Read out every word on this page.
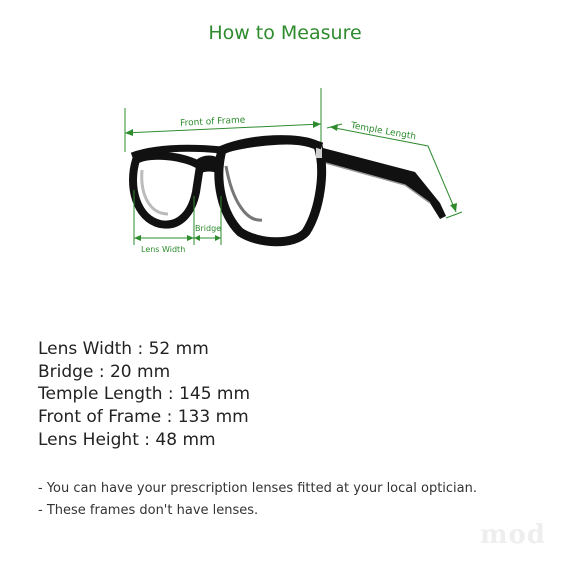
How to Measure
Front of Frame	Temple Length
Lens Width
Bridge
Lens Width : 52 mm
Bridge : 20 mm
Temple Length : 145 mm
Front of Frame : 133 mm
Lens Height : 48 mm
- You can have your prescription lenses fitted at your local optician.
- These frames don't have lenses.
mod
